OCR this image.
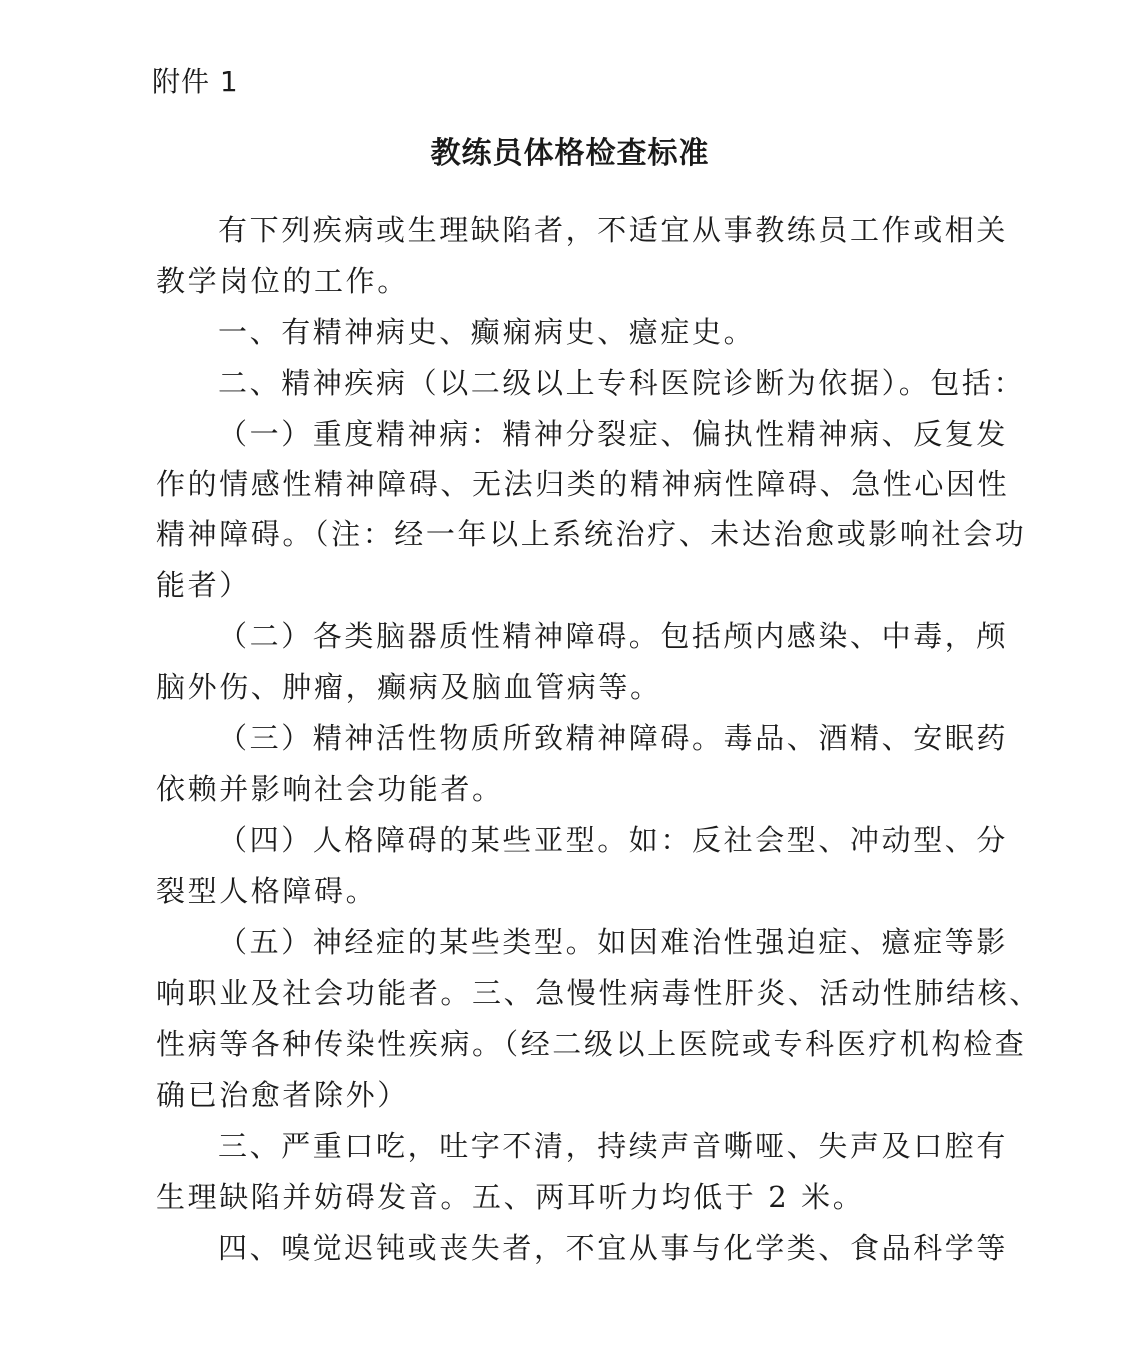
附件 1
教练员体格检查标准
有下列疾病或生理缺陷者，不适宜从事教练员工作或相关
教学岗位的工作。
一、有精神病史、癫痫病史、癔症史。
二、精神疾病（以二级以上专科医院诊断为依据）。包括：
（一）重度精神病：精神分裂症、偏执性精神病、反复发
作的情感性精神障碍、无法归类的精神病性障碍、急性心因性
精神障碍。（注：经一年以上系统治疗、未达治愈或影响社会功
能者）
（二）各类脑器质性精神障碍。包括颅内感染、中毒，颅
脑外伤、肿瘤，癫病及脑血管病等。
（三）精神活性物质所致精神障碍。毒品、酒精、安眠药
依赖并影响社会功能者。
（四）人格障碍的某些亚型。如：反社会型、冲动型、分
裂型人格障碍。
（五）神经症的某些类型。如因难治性强迫症、癔症等影
响职业及社会功能者。三、急慢性病毒性肝炎、活动性肺结核、
性病等各种传染性疾病。（经二级以上医院或专科医疗机构检查
确已治愈者除外）
三、严重口吃，吐字不清，持续声音嘶哑、失声及口腔有
生理缺陷并妨碍发音。五、两耳听力均低于 2 米。
四、嗅觉迟钝或丧失者，不宜从事与化学类、食品科学等
